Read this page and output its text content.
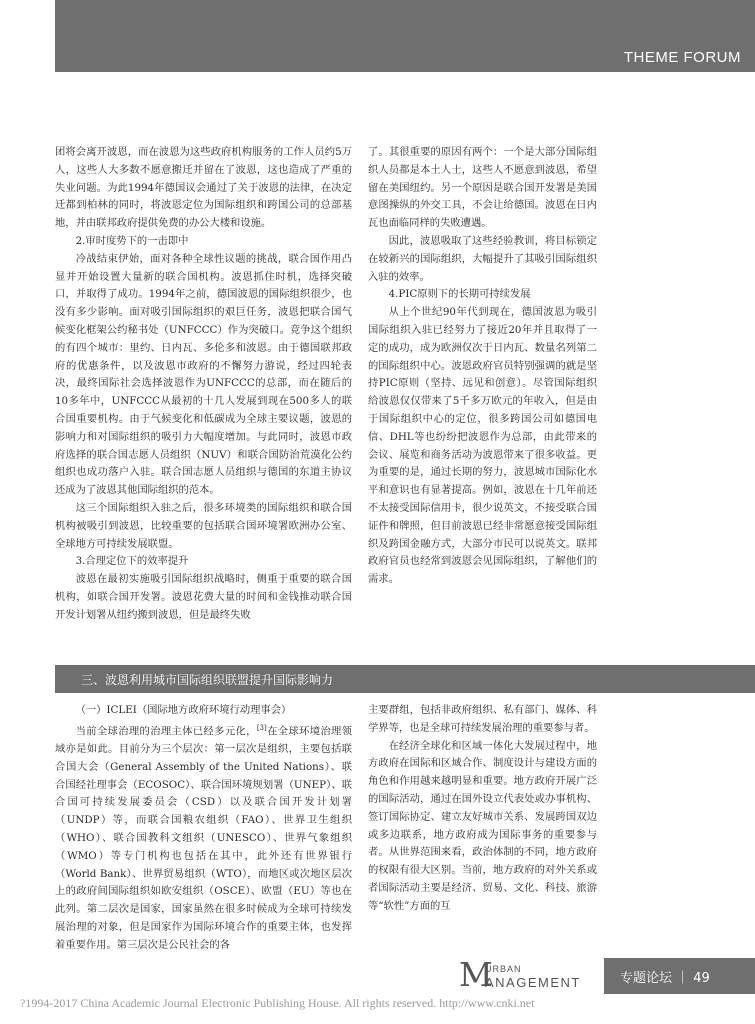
THEME FORUM

团将会离开波恩，而在波恩为这些政府机构服务的工作人员约5万人，这些人大多数不愿意搬迁并留在了波恩，这也造成了严重的失业问题。为此1994年德国议会通过了关于波恩的法律，在决定迁都到柏林的同时，将波恩定位为国际组织和跨国公司的总部基地，并由联邦政府提供免费的办公大楼和设施。

2.审时度势下的一击即中

冷战结束伊始，面对各种全球性议题的挑战，联合国作用凸显并开始设置大量新的联合国机构。波恩抓住时机，选择突破口，并取得了成功。1994年之前，德国波恩的国际组织很少，也没有多少影响。面对吸引国际组织的艰巨任务，波恩把联合国气候变化框架公约秘书处（UNFCCC）作为突破口。竞争这个组织的有四个城市：里约、日内瓦、多伦多和波恩。由于德国联邦政府的优惠条件，以及波恩市政府的不懈努力游说，经过四轮表决，最终国际社会选择波恩作为UNFCCC的总部，而在随后的10多年中，UNFCCC从最初的十几人发展到现在500多人的联合国重要机构。由于气候变化和低碳成为全球主要议题，波恩的影响力和对国际组织的吸引力大幅度增加。与此同时，波恩市政府选择的联合国志愿人员组织（NUV）和联合国防治荒漠化公约组织也成功落户入驻。联合国志愿人员组织与德国的东道主协议还成为了波恩其他国际组织的范本。

这三个国际组织入驻之后，很多环境类的国际组织和联合国机构被吸引到波恩，比较重要的包括联合国环境署欧洲办公室、全球地方可持续发展联盟。

3.合理定位下的效率提升

波恩在最初实施吸引国际组织战略时，侧重于重要的联合国机构，如联合国开发署。波恩花费大量的时间和金钱推动联合国开发计划署从纽约搬到波恩，但是最终失败

了。其很重要的原因有两个：一个是大部分国际组织人员都是本土人士，这些人不愿意到波恩，希望留在美国纽约。另一个原因是联合国开发署是美国意图操纵的外交工具，不会让给德国。波恩在日内瓦也面临同样的失败遭遇。

因此，波恩吸取了这些经验教训，将目标锁定在较新兴的国际组织，大幅提升了其吸引国际组织入驻的效率。

4.PIC原则下的长期可持续发展

从上个世纪90年代到现在，德国波恩为吸引国际组织入驻已经努力了接近20年并且取得了一定的成功，成为欧洲仅次于日内瓦、数量名列第二的国际组织中心。波恩政府官员特别强调的就是坚持PIC原则（坚持、远见和创意）。尽管国际组织给波恩仅仅带来了5千多万欧元的年收入，但是由于国际组织中心的定位，很多跨国公司如德国电信、DHL等也纷纷把波恩作为总部，由此带来的会议、展览和商务活动为波恩带来了很多收益。更为重要的是，通过长期的努力，波恩城市国际化水平和意识也有显著提高。例如，波恩在十几年前还不太接受国际信用卡，很少说英文，不接受联合国证件和牌照，但目前波恩已经非常愿意接受国际组织及跨国金融方式，大部分市民可以说英文。联邦政府官员也经常到波恩会见国际组织，了解他们的需求。

三、波恩利用城市国际组织联盟提升国际影响力

（一）ICLEI（国际地方政府环境行动理事会）

当前全球治理的治理主体已经多元化，[3]在全球环境治理领域亦是如此。目前分为三个层次：第一层次是组织，主要包括联合国大会（General Assembly of the United Nations）、联合国经社理事会（ECOSOC）、联合国环境规划署（UNEP）、联合国可持续发展委员会（CSD）以及联合国开发计划署（UNDP）等，而联合国粮农组织（FAO）、世界卫生组织（WHO）、联合国教科文组织（UNESCO）、世界气象组织（WMO）等专门机构也包括在其中，此外还有世界银行（World Bank）、世界贸易组织（WTO），而地区或次地区层次上的政府间国际组织如欧安组织（OSCE）、欧盟（EU）等也在此列。第二层次是国家，国家虽然在很多时候成为全球可持续发展治理的对象，但是国家作为国际环境合作的重要主体，也发挥着重要作用。第三层次是公民社会的各

主要群组，包括非政府组织、私有部门、媒体、科学界等，也是全球可持续发展治理的重要参与者。

在经济全球化和区域一体化大发展过程中，地方政府在国际和区域合作、制度设计与建设方面的角色和作用越来越明显和重要。地方政府开展广泛的国际活动，通过在国外设立代表处或办事机构、签订国际协定、建立友好城市关系、发展跨国双边或多边联系，地方政府成为国际事务的重要参与者。从世界范围来看，政治体制的不同，地方政府的权限有很大区别。当前，地方政府的对外关系或者国际活动主要是经济、贸易、文化、科技、旅游等“软性”方面的互

M
URBAN
ANAGEMENT	专题论坛 ｜ 49
?1994-2017 China Academic Journal Electronic Publishing House. All rights reserved. http://www.cnki.net
